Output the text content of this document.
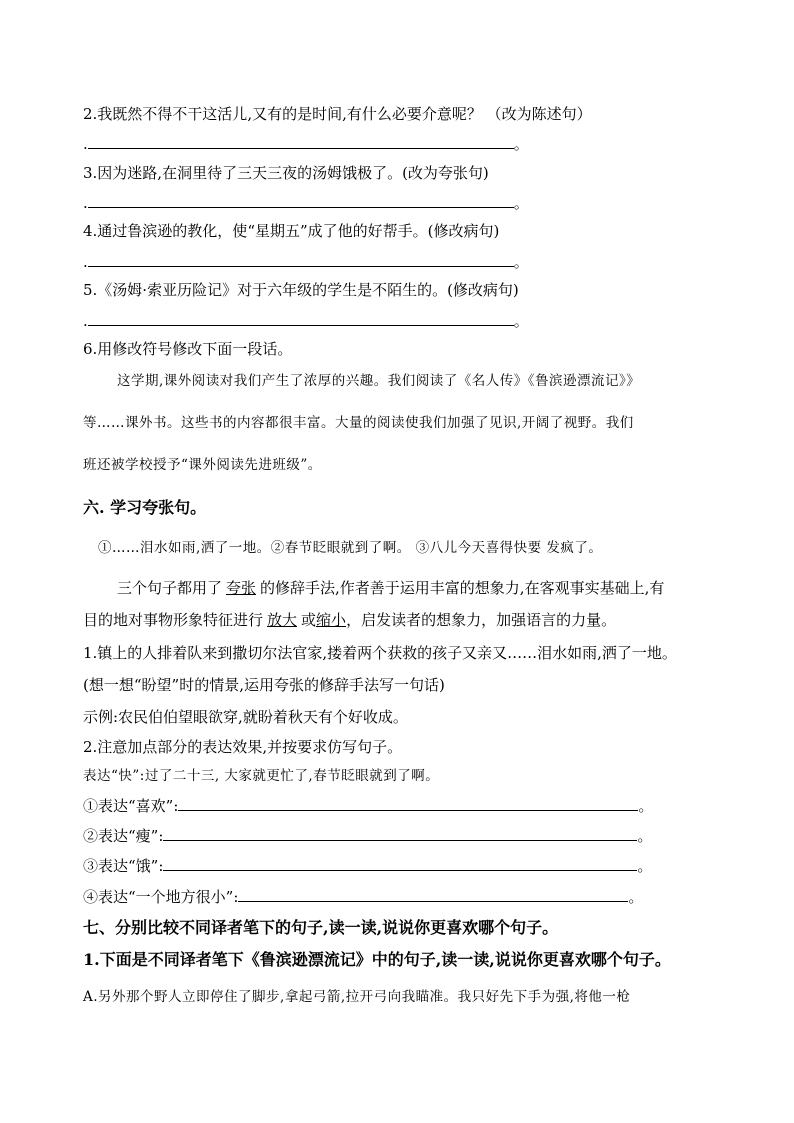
2.我既然不得不干这活儿,又有的是时间,有什么必要介意呢？ （改为陈述句）
.	。
3.因为迷路,在洞里待了三天三夜的汤姆饿极了。(改为夸张句)
.	。
4.通过鲁滨逊的教化，使“星期五”成了他的好帮手。(修改病句)
.	。
5.《汤姆·索亚历险记》对于六年级的学生是不陌生的。(修改病句)
.	。
6.用修改符号修改下面一段话。
这学期,课外阅读对我们产生了浓厚的兴趣。我们阅读了《名人传》《鲁滨逊漂流记》》
等……课外书。这些书的内容都很丰富。大量的阅读使我们加强了见识,开阔了视野。我们
班还被学校授予“课外阅读先进班级”。
六. 学习夸张句。
①……泪水如雨,洒了一地。②春节眨眼就到了啊。 ③八儿今天喜得快要 发疯了。
三个句子都用了 夸张 的修辞手法,作者善于运用丰富的想象力,在客观事实基础上,有
目的地对事物形象特征进行 放大 或缩小，启发读者的想象力，加强语言的力量。
1.镇上的人排着队来到撒切尔法官家,搂着两个获救的孩子又亲又……泪水如雨,洒了一地。
(想一想“盼望”时的情景,运用夸张的修辞手法写一句话)
示例:农民伯伯望眼欲穿,就盼着秋天有个好收成。
2.注意加点部分的表达效果,并按要求仿写句子。
表达“快”:过了二十三, 大家就更忙了,春节眨眼就到了啊。
①表达“喜欢”:	。
②表达“瘦”:	。
③表达“饿”:	。
④表达“一个地方很小”:	。
七、分别比较不同译者笔下的句子,读一读,说说你更喜欢哪个句子。
1.下面是不同译者笔下《鲁滨逊漂流记》中的句子,读一读,说说你更喜欢哪个句子。
A.另外那个野人立即停住了脚步,拿起弓箭,拉开弓向我瞄准。我只好先下手为强,将他一枪
